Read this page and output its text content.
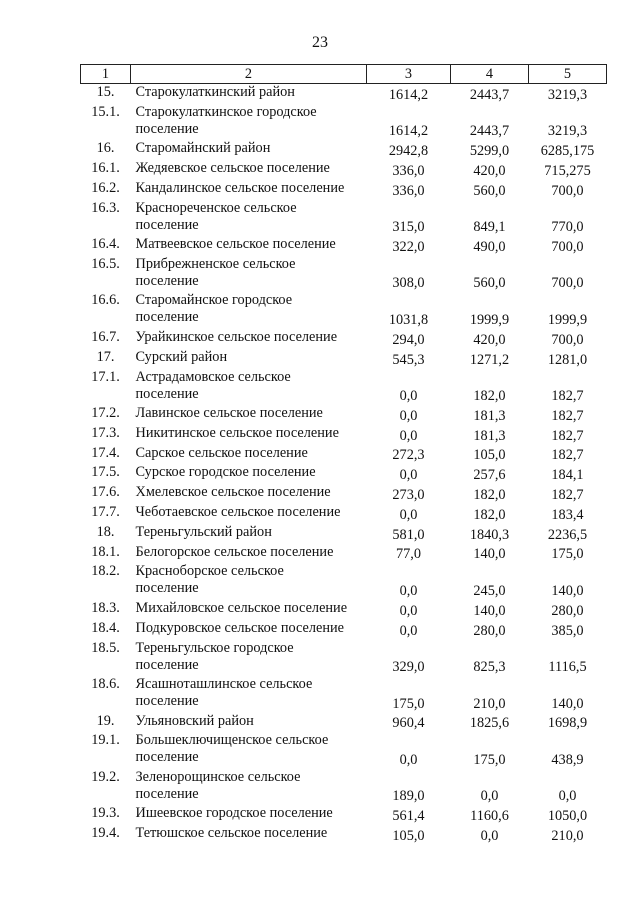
23
1	2	3	4	5
15.	Старокулаткинский район	1614,2	2443,7	3219,3
15.1.	Старокулаткинское городское
поселение	1614,2	2443,7	3219,3
16.	Старомайнский район	2942,8	5299,0	6285,175
16.1.	Жедяевское сельское поселение	336,0	420,0	715,275
16.2.	Кандалинское сельское поселение	336,0	560,0	700,0
16.3.	Краснореченское сельское
поселение	315,0	849,1	770,0
16.4.	Матвеевское сельское поселение	322,0	490,0	700,0
16.5.	Прибрежненское сельское
поселение	308,0	560,0	700,0
16.6.	Старомайнское городское
поселение	1031,8	1999,9	1999,9
16.7.	Урайкинское сельское поселение	294,0	420,0	700,0
17.	Сурский район	545,3	1271,2	1281,0
17.1.	Астрадамовское сельское
поселение	0,0	182,0	182,7
17.2.	Лавинское сельское поселение	0,0	181,3	182,7
17.3.	Никитинское сельское поселение	0,0	181,3	182,7
17.4.	Сарское сельское поселение	272,3	105,0	182,7
17.5.	Сурское городское поселение	0,0	257,6	184,1
17.6.	Хмелевское сельское поселение	273,0	182,0	182,7
17.7.	Чеботаевское сельское поселение	0,0	182,0	183,4
18.	Тереньгульский район	581,0	1840,3	2236,5
18.1.	Белогорское сельское поселение	77,0	140,0	175,0
18.2.	Красноборское сельское
поселение	0,0	245,0	140,0
18.3.	Михайловское сельское поселение	0,0	140,0	280,0
18.4.	Подкуровское сельское поселение	0,0	280,0	385,0
18.5.	Тереньгульское городское
поселение	329,0	825,3	1116,5
18.6.	Ясашноташлинское сельское
поселение	175,0	210,0	140,0
19.	Ульяновский район	960,4	1825,6	1698,9
19.1.	Большеключищенское сельское
поселение	0,0	175,0	438,9
19.2.	Зеленорощинское сельское
поселение	189,0	0,0	0,0
19.3.	Ишеевское городское поселение	561,4	1160,6	1050,0
19.4.	Тетюшское сельское поселение	105,0	0,0	210,0
